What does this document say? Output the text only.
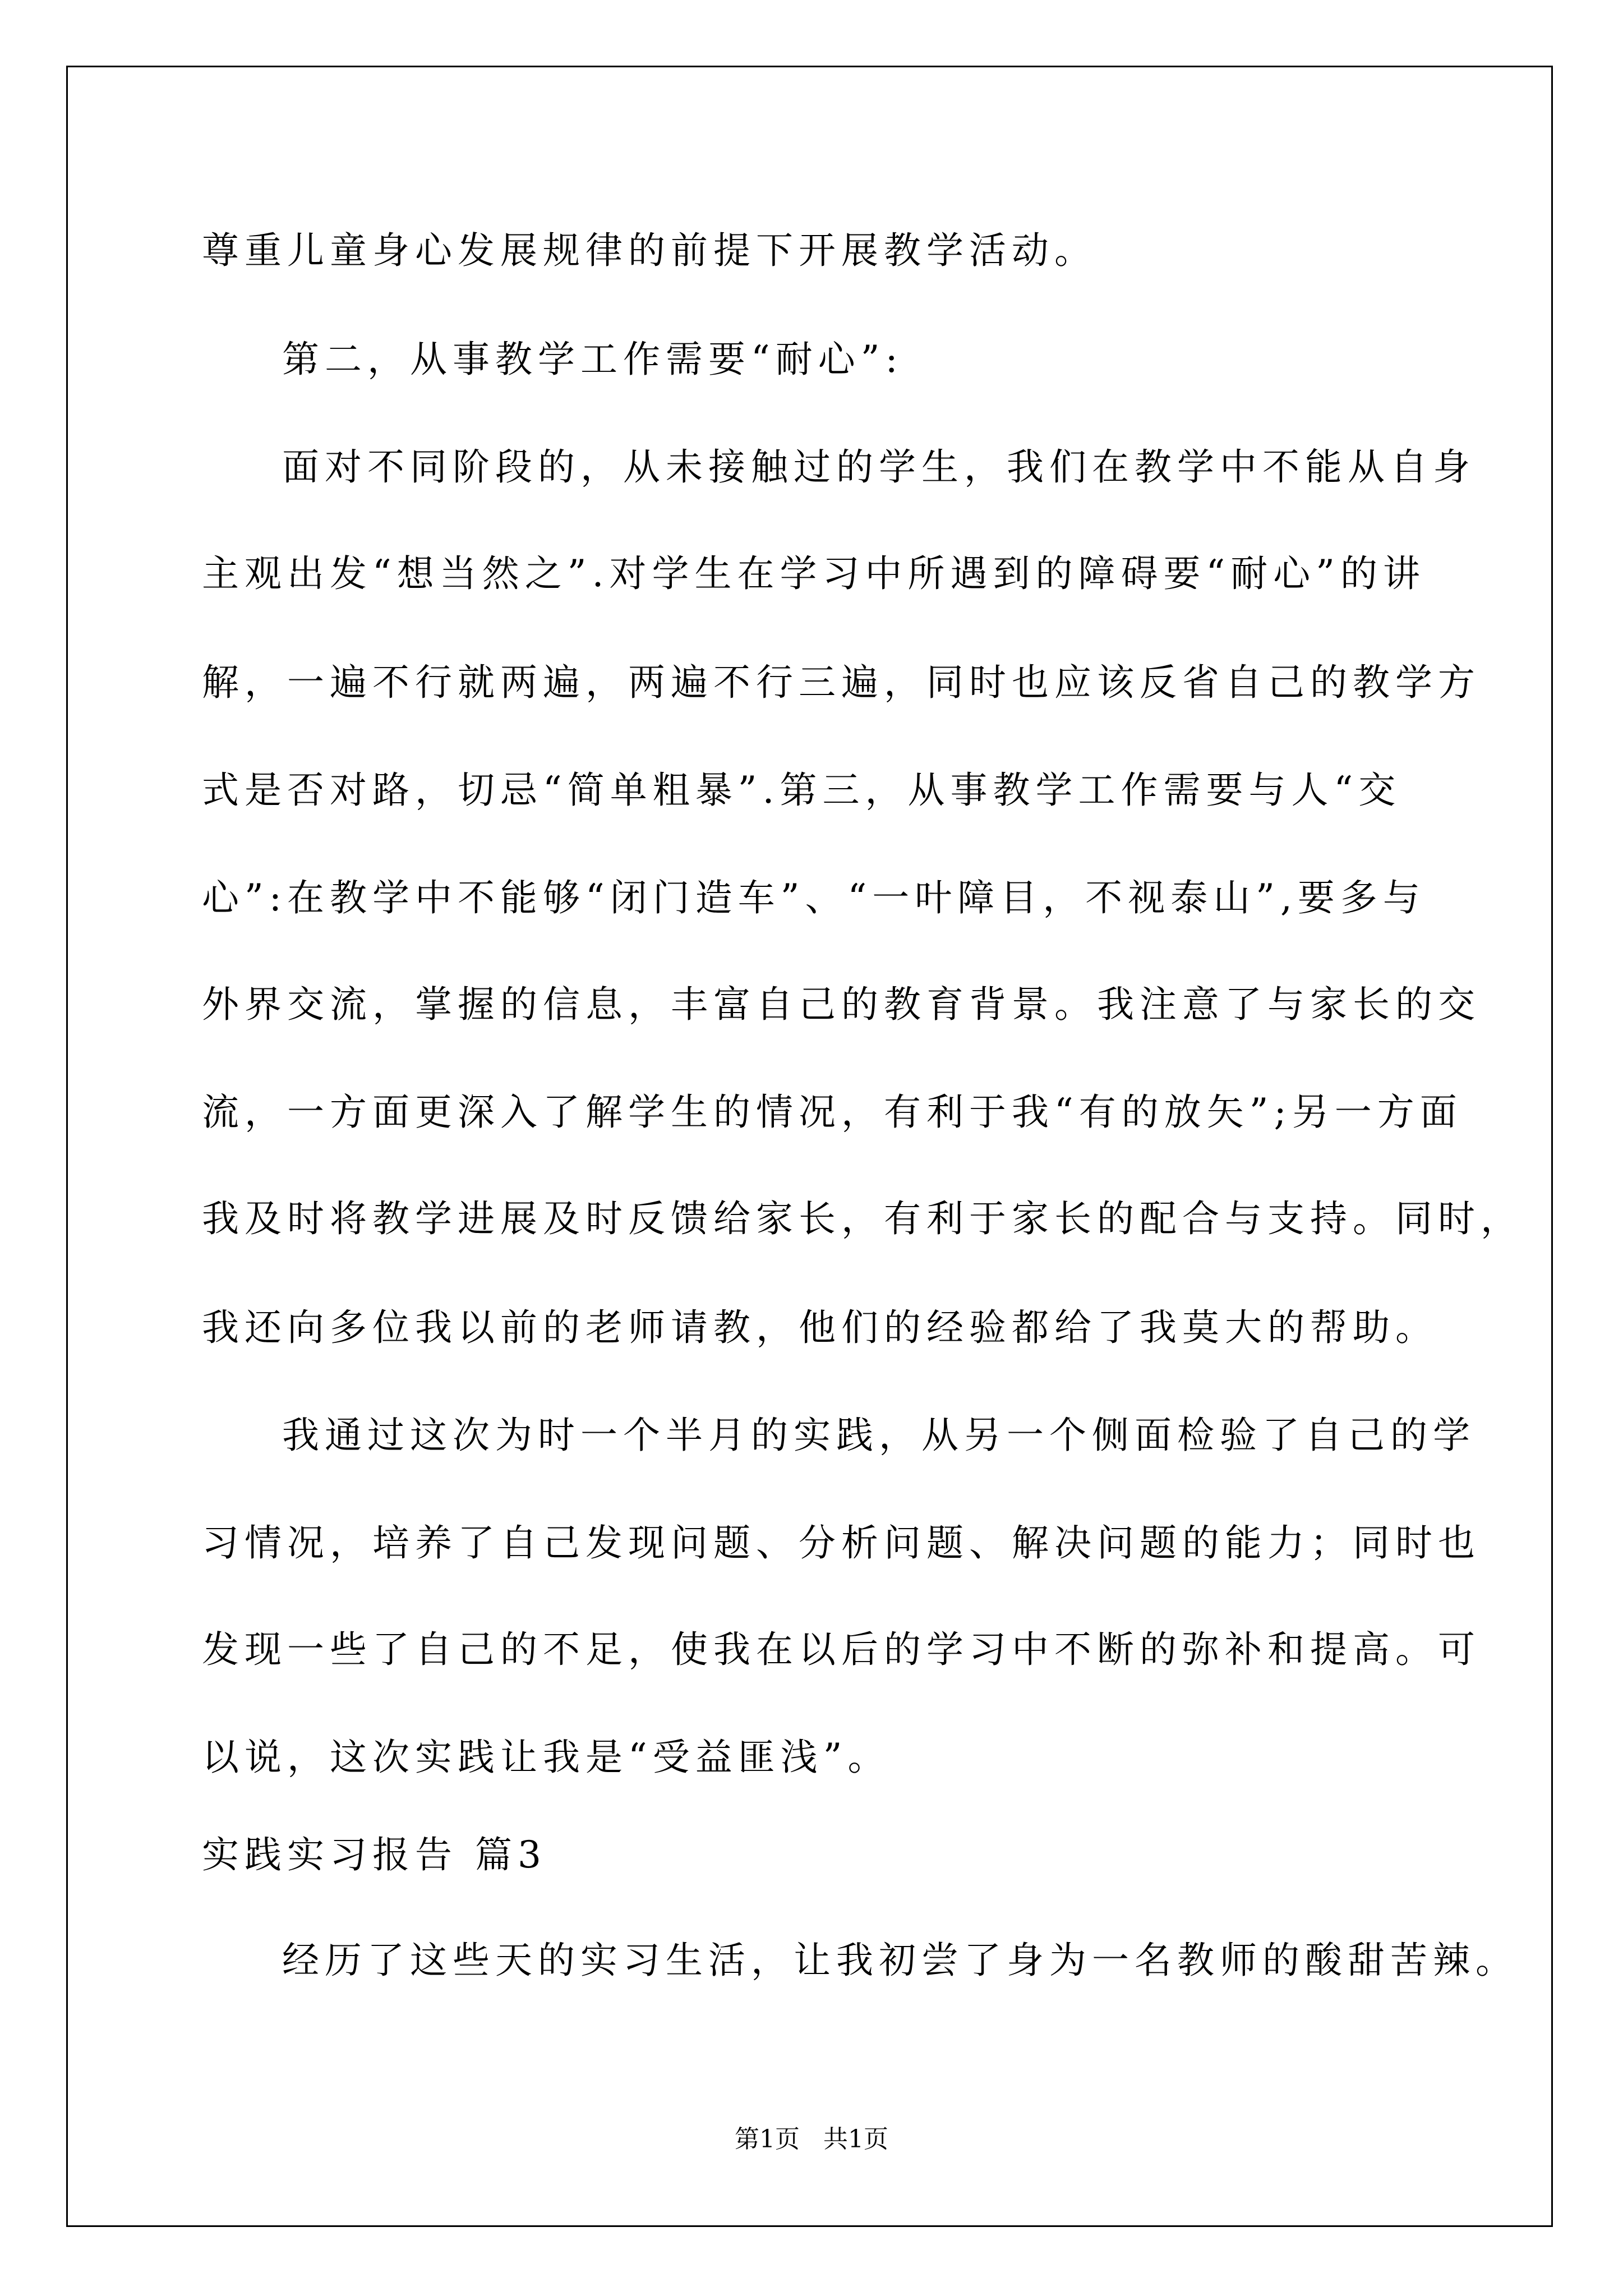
尊重儿童身心发展规律的前提下开展教学活动。
第二，从事教学工作需要“耐心”:
面对不同阶段的，从未接触过的学生，我们在教学中不能从自身
主观出发“想当然之”.对学生在学习中所遇到的障碍要“耐心”的讲
解，一遍不行就两遍，两遍不行三遍，同时也应该反省自己的教学方
式是否对路，切忌“简单粗暴”.第三，从事教学工作需要与人“交
心”:在教学中不能够“闭门造车”、“一叶障目，不视泰山”,要多与
外界交流，掌握的信息，丰富自己的教育背景。我注意了与家长的交
流，一方面更深入了解学生的情况，有利于我“有的放矢”;另一方面
我及时将教学进展及时反馈给家长，有利于家长的配合与支持。同时，
我还向多位我以前的老师请教，他们的经验都给了我莫大的帮助。
我通过这次为时一个半月的实践，从另一个侧面检验了自己的学
习情况，培养了自己发现问题、分析问题、解决问题的能力；同时也
发现一些了自己的不足，使我在以后的学习中不断的弥补和提高。可
以说，这次实践让我是“受益匪浅”。
实践实习报告 篇3
经历了这些天的实习生活，让我初尝了身为一名教师的酸甜苦辣。
第1页   共1页
